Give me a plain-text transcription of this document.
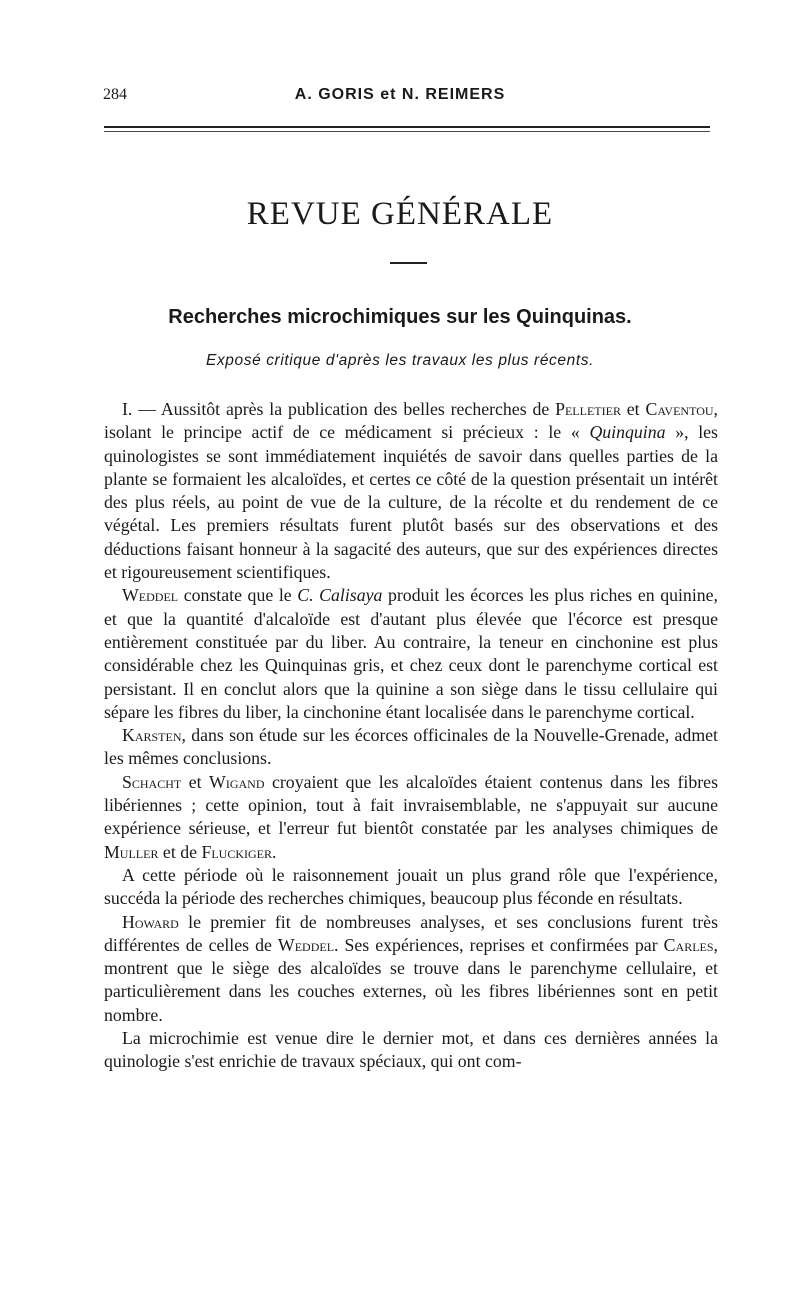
284	A. GORIS et N. REIMERS
REVUE GÉNÉRALE
Recherches microchimiques sur les Quinquinas.
Exposé critique d'après les travaux les plus récents.

I. — Aussitôt après la publication des belles recherches de Pelletier et Caventou, isolant le principe actif de ce médicament si précieux : le « Quinquina », les quinologistes se sont immédiatement inquiétés de savoir dans quelles parties de la plante se formaient les alcaloïdes, et certes ce côté de la question présentait un intérêt des plus réels, au point de vue de la culture, de la récolte et du rendement de ce végétal. Les premiers résultats furent plutôt basés sur des observations et des déductions faisant honneur à la sagacité des auteurs, que sur des expériences directes et rigoureusement scientifiques.

Weddel constate que le C. Calisaya produit les écorces les plus riches en quinine, et que la quantité d'alcaloïde est d'autant plus élevée que l'écorce est presque entièrement constituée par du liber. Au contraire, la teneur en cinchonine est plus considérable chez les Quinquinas gris, et chez ceux dont le parenchyme cortical est persistant. Il en conclut alors que la quinine a son siège dans le tissu cellulaire qui sépare les fibres du liber, la cinchonine étant localisée dans le parenchyme cortical.

Karsten, dans son étude sur les écorces officinales de la Nouvelle-Grenade, admet les mêmes conclusions.

Schacht et Wigand croyaient que les alcaloïdes étaient contenus dans les fibres libériennes ; cette opinion, tout à fait invraisemblable, ne s'appuyait sur aucune expérience sérieuse, et l'erreur fut bientôt constatée par les analyses chimiques de Muller et de Fluckiger.

A cette période où le raisonnement jouait un plus grand rôle que l'expérience, succéda la période des recherches chimiques, beaucoup plus féconde en résultats.

Howard le premier fit de nombreuses analyses, et ses conclusions furent très différentes de celles de Weddel. Ses expériences, reprises et confirmées par Carles, montrent que le siège des alcaloïdes se trouve dans le parenchyme cellulaire, et particulièrement dans les couches externes, où les fibres libériennes sont en petit nombre.

La microchimie est venue dire le dernier mot, et dans ces dernières années la quinologie s'est enrichie de travaux spéciaux, qui ont com-
